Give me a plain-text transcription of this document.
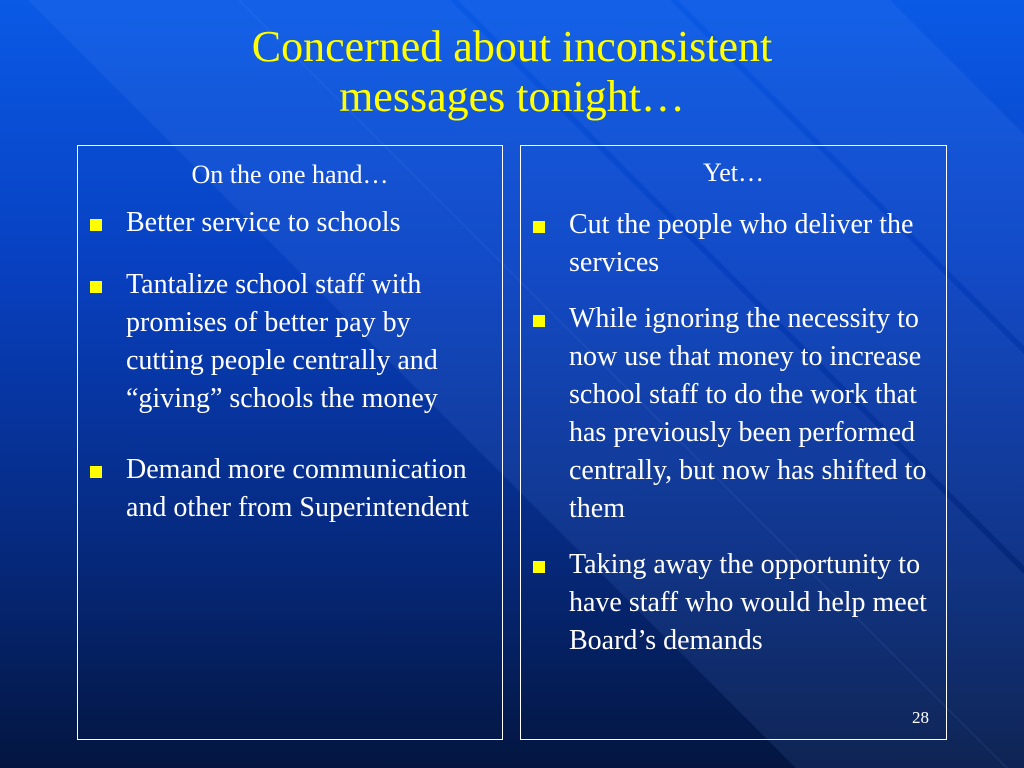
Concerned about inconsistent
messages tonight…
On the one hand…
Better service to schools
Tantalize school staff with promises of better pay by cutting people centrally and “giving” schools the money
Demand more communication and other from Superintendent
Yet…
Cut the people who deliver the services
While ignoring the necessity to now use that money to increase school staff to do the work that has previously been performed centrally, but now has shifted to them
Taking away the opportunity to have staff who would help meet Board’s demands
28
